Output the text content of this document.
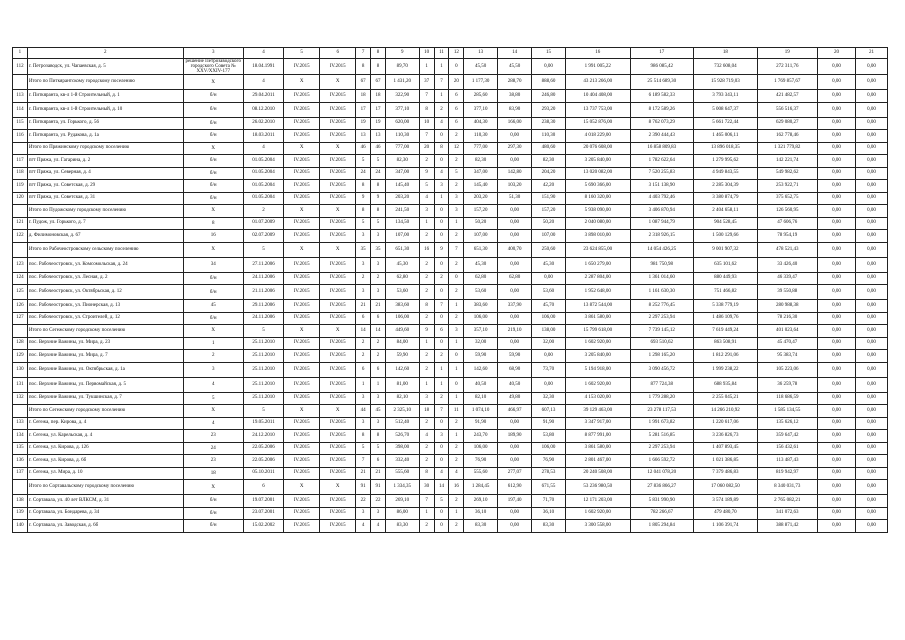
1	2	3	4	5	6	7	8	9	10	11	12	13	14	15	16	17	18	19	20	21
112	г. Петрозаводск, ул. Чапаевская, д. 5	решение Петрозаводского городского Совета № XXV/XXIV-177	18.04.1991	IV.2015	IV.2015	8	8	89,70	1	1	0	45,50	45,50	0,00	1 991 005,22	986 085,42	732 608,04	272 311,76	0,00	0,00
	Итого по Питкярантскому городскому поселению	Х	4	Х	Х	67	67	1 431,20	37	7	20	1 177,30	288,70	888,60	43 213 266,00	25 514 689,30	15 928 719,03	1 769 857,67	0,00	0,00
113	г. Питкяранта, кв-л 1-й Строительный, д. 1	б/н	29.04.2011	IV.2015	IV.2015	18	18	322,90	7	1	6	285,60	38,80	246,80	10 404 408,00	6 189 582,33	3 793 343,11	421 482,57	0,00	0,00
114	г. Питкяранта, кв-л 1-й Строительный, д. 10	б/н	08.12.2010	IV.2015	IV.2015	17	17	377,10	8	2	6	377,10	83,90	293,20	13 737 753,00	8 172 589,26	5 008 647,37	556 516,37	0,00	0,00
115	г. Питкяранта, ул. Горького, д. 56	б/н	26.02.2010	IV.2015	IV.2015	19	19	620,00	10	4	6	404,30	166,00	238,30	15 052 876,00	8 762 073,29	5 661 722,44	629 080,27	0,00	0,00
116	г. Питкяранта, ул. Рудакова, д. 1а	б/н	18.03.2011	IV.2015	IV.2015	13	13	110,30	7	0	2	110,30	0,00	110,30	4 018 229,00	2 390 444,43	1 465 006,11	162 778,46	0,00	0,00
	Итого по Пряжинскому городскому поселению	Х	4	Х	Х	46	46	777,00	20	8	12	777,00	297,30	480,60	20 076 608,00	16 858 809,83	13 896 018,35	1 321 779,82	0,00	0,00
117	пгт Пряжа, ул. Гагарина, д. 2	б/н	01.05.2004	IV.2015	IV.2015	5	5	82,30	2	0	2	82,30	0,00	82,30	3 205 840,00	1 782 622,64	1 279 995,62	142 221,74	0,00	0,00
118	пгт Пряжа, ул. Северная, д. 4	б/н	01.05.2004	IV.2015	IV.2015	24	24	347,00	9	4	5	347,00	142,80	204,20	13 020 082,00	7 520 255,83	4 949 843,55	549 982,62	0,00	0,00
119	пгт Пряжа, ул. Советская, д. 29	б/н	01.05.2004	IV.2015	IV.2015	8	8	145,40	5	3	2	145,40	103,20	42,20	5 690 366,00	3 151 138,90	2 285 304,39	253 922,71	0,00	0,00
120	пгт Пряжа, ул. Советская, д. 31	б/н	01.05.2004	IV.2015	IV.2015	9	9	203,20	4	1	3	203,20	51,30	151,90	8 160 320,00	4 403 792,46	3 380 874,79	375 652,75	0,00	0,00
	Итого по Пудожскому городскому поселению	Х	2	Х	Х	8	8	241,50	3	0	3	157,20	0,00	157,20	5 938 090,00	3 406 870,94	2 404 658,11	126 560,95	0,00	0,00
121	г. Пудож, ул. Горького, д. 7	8	01.07.2009	IV.2015	IV.2015	5	5	134,50	1	0	1	50,20	0,00	50,20	2 040 080,00	1 087 944,79	904 528,45	47 606,76	0,00	0,00
122	д. Филимоновская, д. 67	16	02.07.2009	IV.2015	IV.2015	3	3	107,00	2	0	2	107,00	0,00	107,00	3 898 010,00	2 318 926,15	1 500 129,66	78 954,19	0,00	0,00
	Итого по Рабочеостровскому сельскому поселению	Х	5	Х	Х	35	35	651,30	16	9	7	651,30	400,70	250,60	23 624 855,00	14 054 426,25	9 001 907,32	478 521,43	0,00	0,00
123	пос. Рабочеостровск, ул. Комсомольская, д. 24	34	27.11.2006	IV.2015	IV.2015	3	3	45,30	2	0	2	45,30	0,00	45,30	1 650 279,00	981 750,98	635 101,62	33 426,40	0,00	0,00
124	пос. Рабочеостровск, ул. Лесная, д. 2	б/н	24.11.2006	IV.2015	IV.2015	2	2	62,80	2	2	0	62,80	62,80	0,00	2 287 804,00	1 361 014,60	880 449,93	46 339,47	0,00	0,00
125	пос. Рабочеостровск, ул. Октябрьская, д. 12	б/н	21.11.2006	IV.2015	IV.2015	3	3	53,60	2	0	2	53,60	0,00	53,60	1 952 648,00	1 161 630,30	751 466,82	39 550,88	0,00	0,00
126	пос. Рабочеостровск, ул. Пионерская, д. 13	45	29.11.2006	IV.2015	IV.2015	21	21	383,60	8	7	1	383,60	337,90	45,70	13 872 544,00	8 252 776,45	5 338 779,19	280 988,38	0,00	0,00
127	пос. Рабочеостровск, ул. Строителей, д. 12	б/н	24.11.2006	IV.2015	IV.2015	6	6	106,00	2	0	2	106,00	0,00	106,00	3 861 580,00	2 297 253,94	1 486 109,76	78 216,30	0,00	0,00
	Итого по Сегежскому городскому поселению	Х	5	Х	Х	14	14	449,60	9	6	3	357,10	219,10	138,00	15 799 618,00	7 739 145,12	7 619 449,24	401 023,64	0,00	0,00
128	пос. Верхние Важины, ул. Мира, д. 23	1	25.11.2010	IV.2015	IV.2015	2	2	84,00	1	0	1	32,00	0,00	32,00	1 602 920,00	693 510,62	863 508,91	45 470,47	0,00	0,00
129	пос. Верхние Важины, ул. Мира, д. 7	2	25.11.2010	IV.2015	IV.2015	2	2	59,90	2	2	0	59,90	59,90	0,00	3 205 840,00	1 298 165,20	1 812 291,06	95 383,74	0,00	0,00
130	пос. Верхние Важины, ул. Октябрьская, д. 1а	3	25.11.2010	IV.2015	IV.2015	6	6	142,60	2	1	1	142,60	68,90	73,70	5 194 918,00	3 090 456,72	1 999 238,22	105 223,06	0,00	0,00
131	пос. Верхние Важины, ул. Первомайская, д. 5	4	25.11.2010	IV.2015	IV.2015	1	1	81,00	1	1	0	40,50	40,50	0,00	1 602 920,00	877 724,38	688 935,84	36 259,78	0,00	0,00
132	пос. Верхние Важины, ул. Тукшинская, д. 7	5	25.11.2010	IV.2015	IV.2015	3	3	82,10	3	2	1	82,10	49,80	32,30	4 153 020,00	1 779 288,20	2 255 045,21	118 686,59	0,00	0,00
	Итого по Сегежскому городскому поселению	Х	5	Х	Х	44	45	2 325,10	18	7	11	1 074,10	466,97	607,13	39 129 463,00	23 278 117,53	14 266 210,92	1 585 134,55	0,00	0,00
133	г. Сегежа, пер. Кирова, д. 4	4	19.05.2011	IV.2015	IV.2015	3	3	512,40	2	0	2	91,90	0,00	91,90	3 347 917,00	1 991 673,82	1 220 617,06	135 626,12	0,00	0,00
134	г. Сегежа, ул. Карельская, д. 4	23	24.12.2010	IV.2015	IV.2015	8	8	526,70	4	3	1	243,70	189,90	53,80	8 877 991,00	5 281 516,85	3 236 826,73	359 647,42	0,00	0,00
135	г. Сегежа, ул. Кирова, д. 126	24	22.05.2006	IV.2015	IV.2015	5	5	398,00	2	0	2	106,00	0,00	106,00	3 861 580,00	2 297 253,94	1 407 893,45	156 432,61	0,00	0,00
136	г. Сегежа, ул. Кирова, д. 6б	23	22.05.2006	IV.2015	IV.2015	7	6	332,40	2	0	2	76,90	0,00	76,90	2 801 467,00	1 666 592,72	1 021 386,85	113 487,43	0,00	0,00
137	г. Сегежа, ул. Мира, д. 10	18	05.10.2011	IV.2015	IV.2015	21	21	555,60	8	4	4	555,60	277,07	278,53	20 240 508,00	12 041 078,20	7 379 486,83	819 942,97	0,00	0,00
	Итого по Сортавальскому городскому поселению	Х	6	Х	Х	91	91	1 334,35	30	14	16	1 284,45	612,90	671,55	53 236 980,50	27 836 866,27	17 060 082,50	8 340 031,73	0,00	0,00
138	г. Сортавала, ул. 40 лет ВЛКСМ, д. 31	б/н	19.07.2001	IV.2015	IV.2015	22	22	269,10	7	5	2	269,10	197,40	71,70	12 171 203,00	5 831 990,90	3 574 189,89	2 765 082,21	0,00	0,00
139	г. Сортавала, ул. Бондарева, д. 34	б/н	23.07.2001	IV.2015	IV.2015	3	3	86,00	1	0	1	36,10	0,00	36,10	1 602 920,00	782 266,67	479 480,70	341 072,63	0,00	0,00
140	г. Сортавала, ул. Заводская, д. 6б	б/н	15.02.2002	IV.2015	IV.2015	4	4	83,30	2	0	2	83,30	0,00	83,30	3 300 558,00	1 805 294,84	1 106 391,74	388 871,42	0,00	0,00
